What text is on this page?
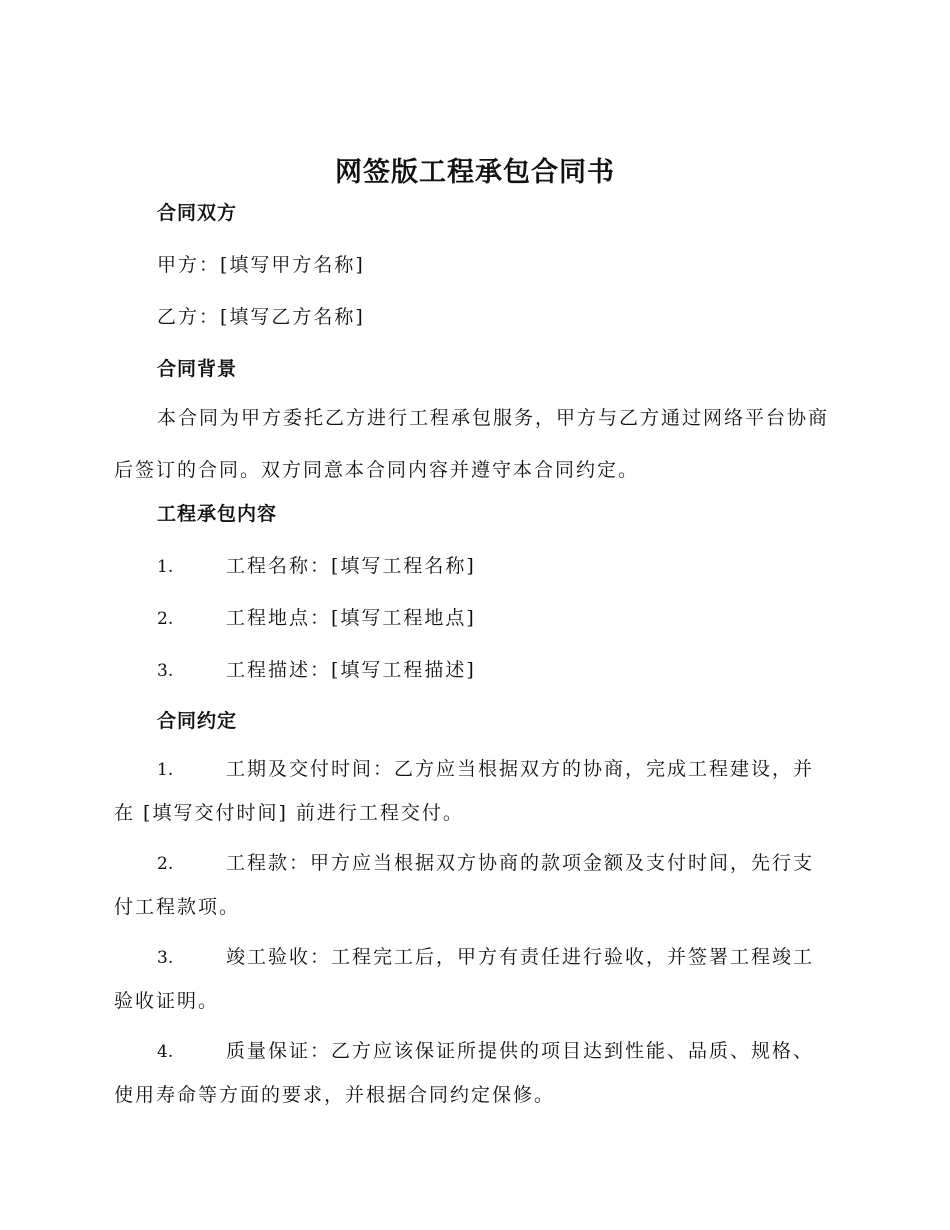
网签版工程承包合同书
合同双方
甲方：[填写甲方名称]
乙方：[填写乙方名称]
合同背景
本合同为甲方委托乙方进行工程承包服务，甲方与乙方通过网络平台协商后签订的合同。双方同意本合同内容并遵守本合同约定。
工程承包内容
1.	工程名称：[填写工程名称]
2.	工程地点：[填写工程地点]
3.	工程描述：[填写工程描述]
合同约定
1.	工期及交付时间：乙方应当根据双方的协商，完成工程建设，并在 [填写交付时间] 前进行工程交付。
2.	工程款：甲方应当根据双方协商的款项金额及支付时间，先行支付工程款项。
3.	竣工验收：工程完工后，甲方有责任进行验收，并签署工程竣工验收证明。
4.	质量保证：乙方应该保证所提供的项目达到性能、品质、规格、使用寿命等方面的要求，并根据合同约定保修。
